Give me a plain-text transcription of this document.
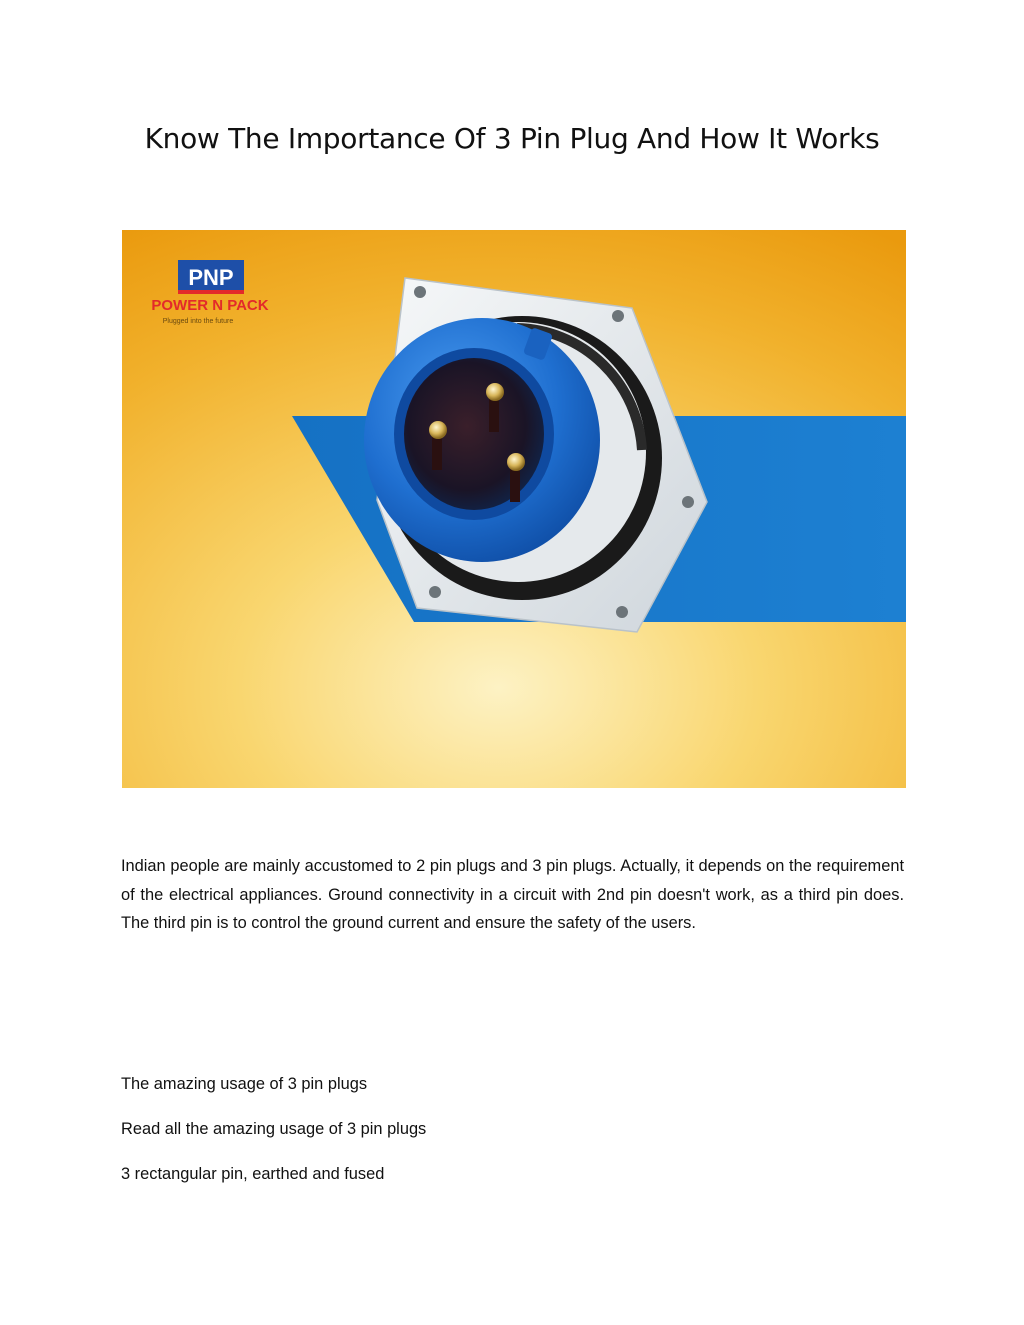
Know The Importance Of 3 Pin Plug And How It Works
PNP
POWER N PACK
Plugged into the future

Indian people are mainly accustomed to 2 pin plugs and 3 pin plugs. Actually, it depends on the requirement of the electrical appliances. Ground connectivity in a circuit with 2nd pin doesn't work, as a third pin does. The third pin is to control the ground current and ensure the safety of the users.

The amazing usage of 3 pin plugs

Read all the amazing usage of 3 pin plugs

3 rectangular pin, earthed and fused
